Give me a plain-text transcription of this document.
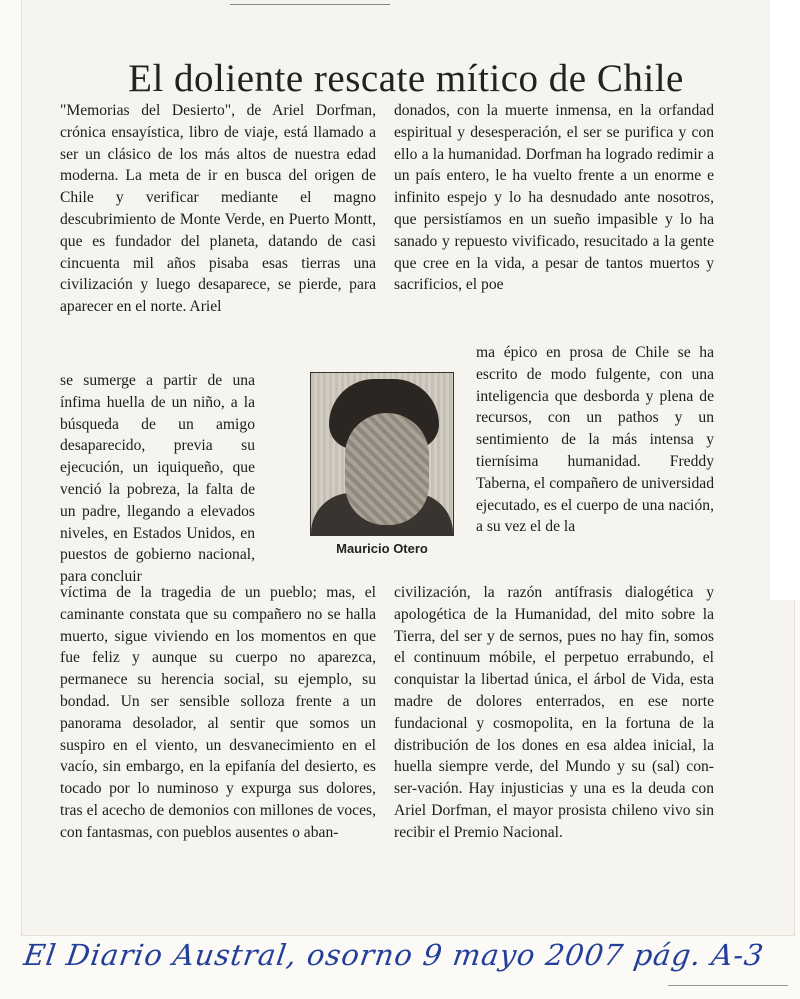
El doliente rescate mítico de Chile

"Memorias del Desierto", de Ariel Dorfman, crónica ensayística, libro de viaje, está llamado a ser un clásico de los más altos de nuestra edad moderna. La meta de ir en busca del origen de Chile y verificar mediante el magno descubrimiento de Monte Verde, en Puerto Montt, que es fundador del planeta, datando de casi cincuenta mil años pisaba esas tierras una civilización y luego desaparece, se pierde, para aparecer en el norte. Ariel

se sumerge a partir de una ínfima huella de un niño, a la búsqueda de un amigo desaparecido, previa su ejecución, un iquiqueño, que venció la pobreza, la falta de un padre, llegando a elevados niveles, en Estados Unidos, en puestos de gobierno nacional, para concluir

víctima de la tragedia de un pueblo; mas, el caminante constata que su compañero no se halla muerto, sigue viviendo en los momentos en que fue feliz y aunque su cuerpo no aparezca, permanece su herencia social, su ejemplo, su bondad. Un ser sensible solloza frente a un panorama desolador, al sentir que somos un suspiro en el viento, un desvanecimiento en el vacío, sin embargo, en la epifanía del desierto, es tocado por lo numinoso y expurga sus dolores, tras el acecho de demonios con millones de voces, con fantasmas, con pueblos ausentes o aban-

donados, con la muerte inmensa, en la orfandad espiritual y desesperación, el ser se purifica y con ello a la humanidad. Dorfman ha logrado redimir a un país entero, le ha vuelto frente a un enorme e infinito espejo y lo ha desnudado ante nosotros, que persistíamos en un sueño impasible y lo ha sanado y repuesto vivificado, resucitado a la gente que cree en la vida, a pesar de tantos muertos y sacrificios, el poe

ma épico en prosa de Chile se ha escrito de modo fulgente, con una inteligencia que desborda y plena de recursos, con un pathos y un sentimiento de la más intensa y tiernísima humanidad. Freddy Taberna, el compañero de universidad ejecutado, es el cuerpo de una nación, a su vez el de la

civilización, la razón antífrasis dialogética y apologética de la Humanidad, del mito sobre la Tierra, del ser y de sernos, pues no hay fin, somos el continuum móbile, el perpetuo errabundo, el conquistar la libertad única, el árbol de Vida, esta madre de dolores enterrados, en ese norte fundacional y cosmopolita, en la fortuna de la distribución de los dones en esa aldea inicial, la huella siempre verde, del Mundo y su (sal) con-ser-vación. Hay injusticias y una es la deuda con Ariel Dorfman, el mayor prosista chileno vivo sin recibir el Premio Nacional.

Mauricio Otero
El Diario Austral, osorno 9 mayo 2007 pág. A-3
